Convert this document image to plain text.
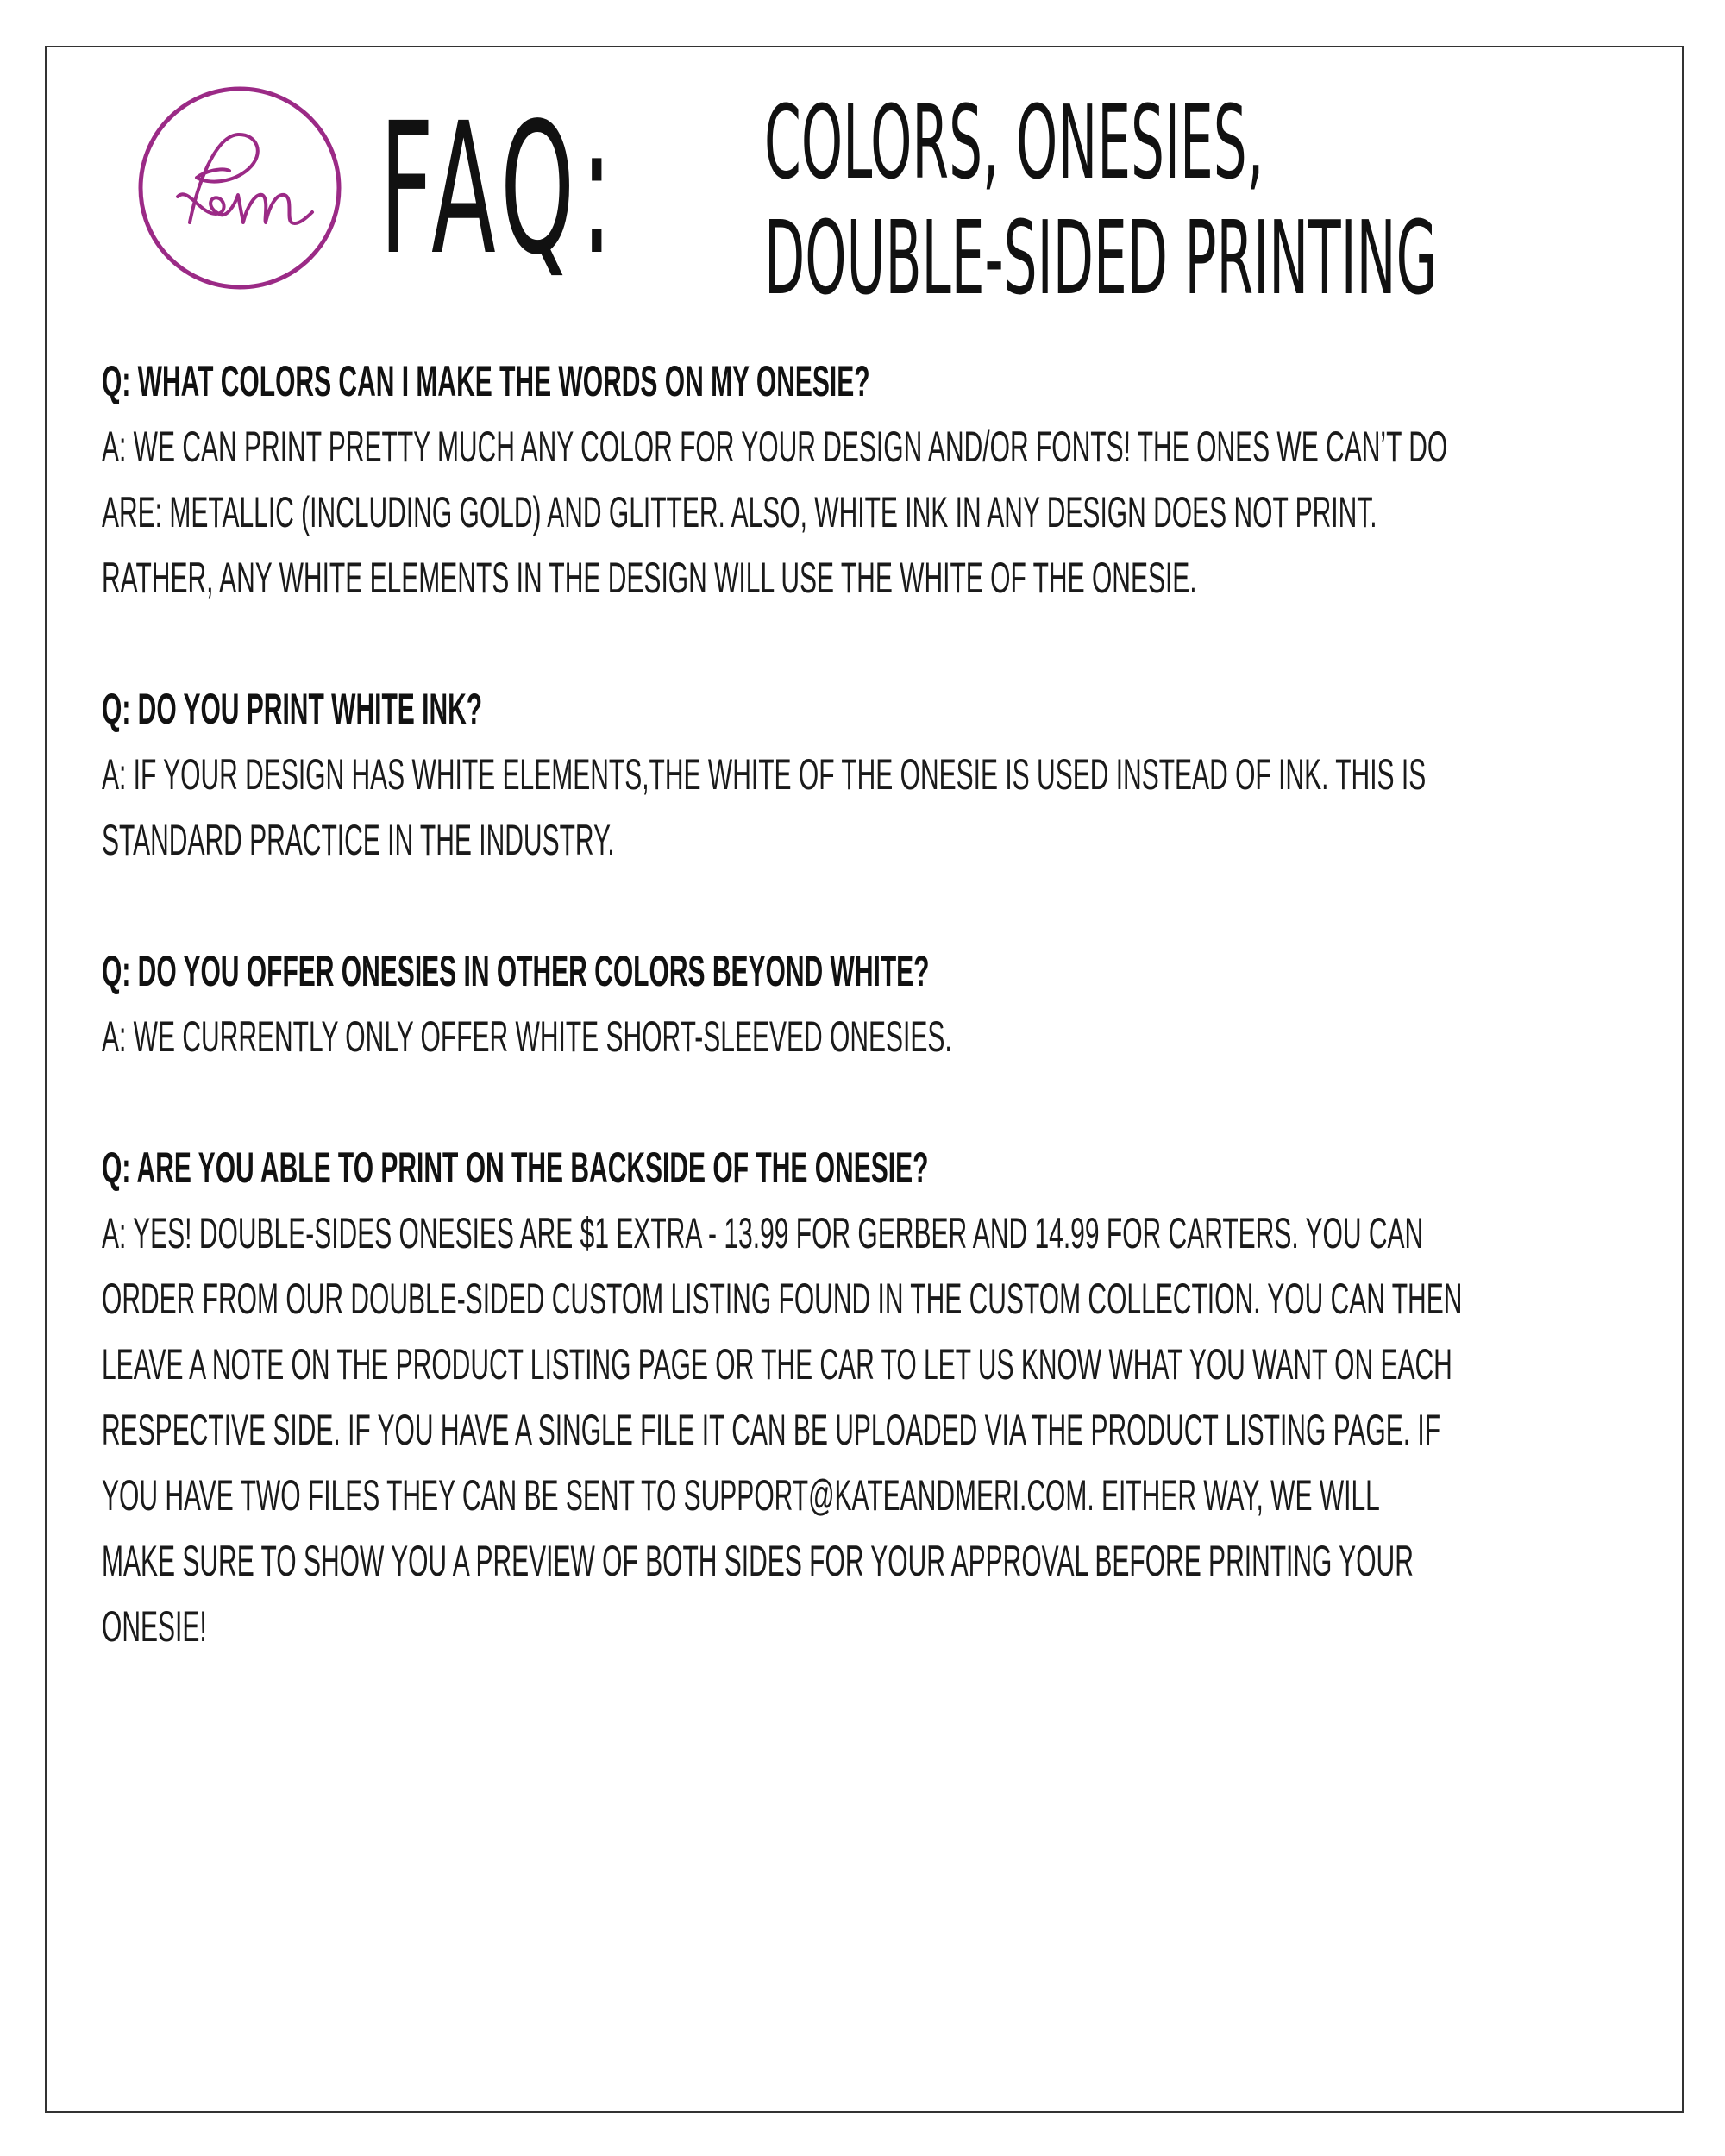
FAQ: COLORS, ONESIES,
DOUBLE-SIDED PRINTING
Q: WHAT COLORS CAN I MAKE THE WORDS ON MY ONESIE?
A: WE CAN PRINT PRETTY MUCH ANY COLOR FOR YOUR DESIGN AND/OR FONTS! THE ONES WE CAN’T DO
ARE: METALLIC (INCLUDING GOLD) AND GLITTER. ALSO, WHITE INK IN ANY DESIGN DOES NOT PRINT.
RATHER, ANY WHITE ELEMENTS IN THE DESIGN WILL USE THE WHITE OF THE ONESIE.
Q: DO YOU PRINT WHITE INK?
A: IF YOUR DESIGN HAS WHITE ELEMENTS,THE WHITE OF THE ONESIE IS USED INSTEAD OF INK. THIS IS
STANDARD PRACTICE IN THE INDUSTRY.
Q: DO YOU OFFER ONESIES IN OTHER COLORS BEYOND WHITE?
A: WE CURRENTLY ONLY OFFER WHITE SHORT-SLEEVED ONESIES.
Q: ARE YOU ABLE TO PRINT ON THE BACKSIDE OF THE ONESIE?
A: YES! DOUBLE-SIDES ONESIES ARE $1 EXTRA - 13.99 FOR GERBER AND 14.99 FOR CARTERS. YOU CAN
ORDER FROM OUR DOUBLE-SIDED CUSTOM LISTING FOUND IN THE CUSTOM COLLECTION. YOU CAN THEN
LEAVE A NOTE ON THE PRODUCT LISTING PAGE OR THE CAR TO LET US KNOW WHAT YOU WANT ON EACH
RESPECTIVE SIDE. IF YOU HAVE A SINGLE FILE IT CAN BE UPLOADED VIA THE PRODUCT LISTING PAGE. IF
YOU HAVE TWO FILES THEY CAN BE SENT TO SUPPORT@KATEANDMERI.COM. EITHER WAY, WE WILL
MAKE SURE TO SHOW YOU A PREVIEW OF BOTH SIDES FOR YOUR APPROVAL BEFORE PRINTING YOUR
ONESIE!
